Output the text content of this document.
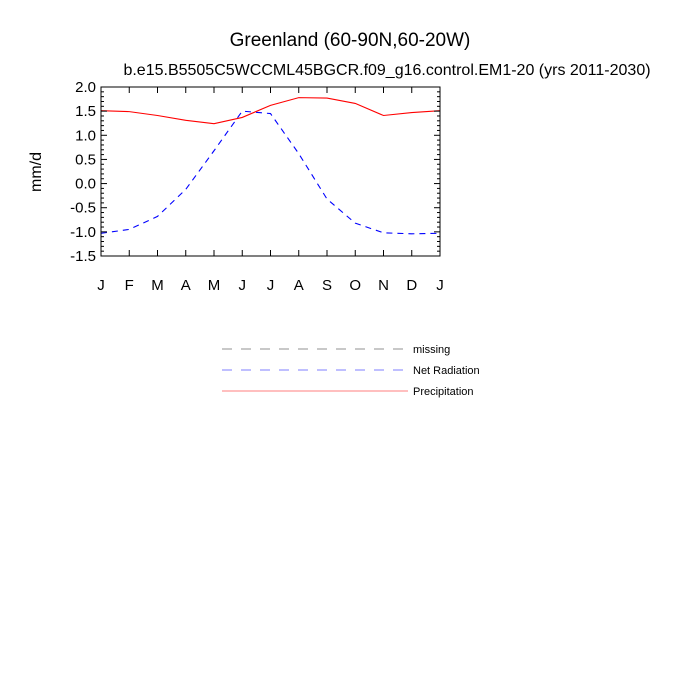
Greenland (60-90N,60-20W)
b.e15.B5505C5WCCML45BGCR.f09_g16.control.EM1-20 (yrs 2011-2030)
mm/d
-1.5
-1.0
-0.5
0.0
0.5
1.0
1.5
2.0
J F M A M J J A S O N D J
missing
Net Radiation
Precipitation
